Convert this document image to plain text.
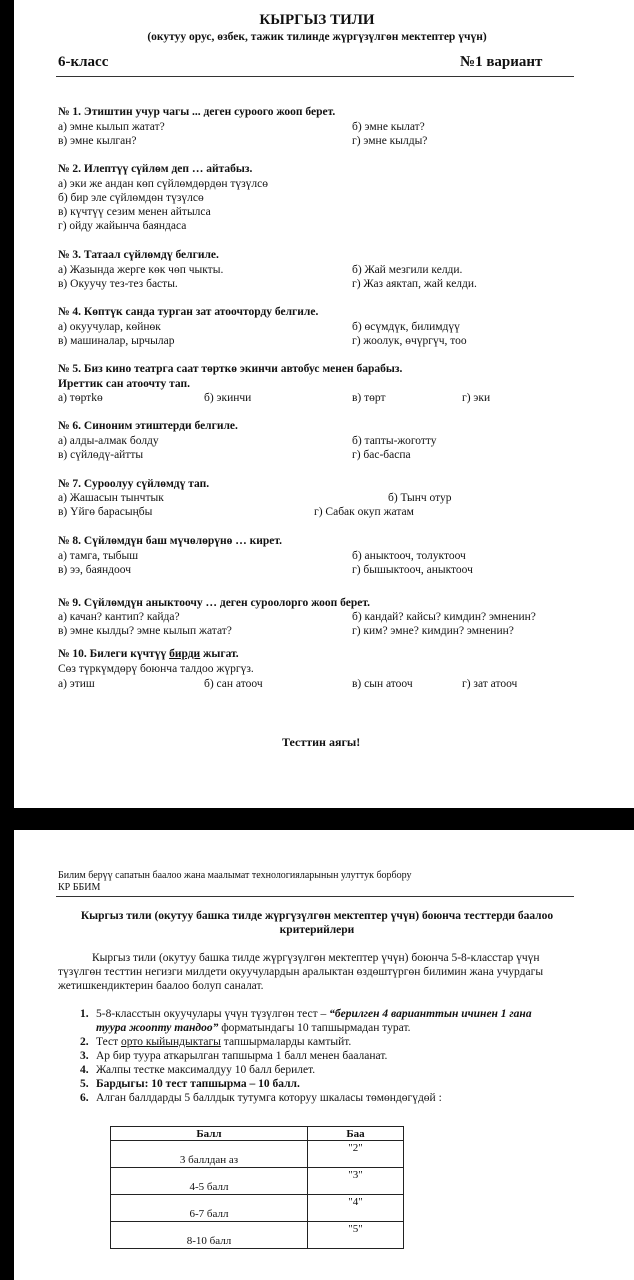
КЫРГЫЗ ТИЛИ
(окутуу орус, өзбек, тажик тилинде жүргүзүлгөн мектептер үчүн)
6-класс	№1 вариант
№ 1. Этиштин учур чагы ... деген суроого жооп берет.
а) эмне кылып жатат?	б) эмне кылат?
в) эмне кылган?	г) эмне кылды?
№ 2. Илептүү сүйлөм деп … айтабыз.
а) эки же андан көп сүйлөмдөрдөн түзүлсө
б) бир эле сүйлөмдөн түзүлсө
в) күчтүү сезим менен айтылса
г) ойду жайынча баяндаса
№ 3. Татаал сүйлөмдү белгиле.
а) Жазында жерге көк чөп чыкты.	б) Жай мезгили келди.
в) Окуучу тез-тез басты.	г) Жаз аяктап, жай келди.
№ 4. Көптүк санда турган зат атоочторду белгиле.
а) окуучулар, көйнөк	б) өсүмдүк, билимдүү
в) машиналар, ырчылар	г) жоолук, өчүргүч, тоо
№ 5. Биз кино театрга саат төрткө экинчи автобус менен барабыз.
Иреттик сан атоочту тап.
а) төртkө	б) экинчи	в) төрт	г) эки
№ 6. Синоним этиштерди белгиле.
а) алды-алмак болду	б) тапты-жоготту
в) сүйлөдү-айтты	г) бас-баспа
№ 7. Суроолуу сүйлөмдү тап.
а) Жашасын тынчтык	б) Тынч отур
в) Үйгө барасыңбы	г) Сабак окуп жатам
№ 8. Сүйлөмдүн баш мүчөлөрүнө … кирет.
а) тамга, тыбыш	б) аныктооч, толуктооч
в) ээ, баяндооч	г) бышыктооч, аныктооч
№ 9. Сүйлөмдүн аныктоочу … деген суроолорго жооп берет.
а) качан? кантип? кайда?	б) кандай? кайсы? кимдин? эмненин?
в) эмне кылды? эмне кылып жатат?	г) ким? эмне? кимдин? эмненин?
№ 10. Билеги күчтүү бирди жыгат.
Сөз түркүмдөрү боюнча талдоо жүргүз.
а) этиш	б) сан атооч	в) сын атооч	г) зат атооч
Тесттин аягы!
Билим берүү сапатын баалоо жана маалымат технологияларынын улуттук борбору
КР ББИМ
Кыргыз тили (окутуу башка тилде жүргүзүлгөн мектептер үчүн) боюнча тесттерди баалоо
критерийлери
Кыргыз тили (окутуу башка тилде жүргүзүлгөн мектептер үчүн) боюнча 5-8-класстар үчүн
түзүлгөн тесттин негизги милдети окуучулардын аралыктан өздөштүргөн билимин жана учурдагы
жетишкендиктерин баалоо болуп саналат.
1. 5-8-класстын окуучулары үчүн түзүлгөн тест – “берилген 4 варианттын ичинен 1 гана
туура жоопту тандоо” форматындагы 10 тапшырмадан турат.
2. Тест орто кыйындыктагы тапшырмаларды камтыйт.
3. Ар бир туура аткарылган тапшырма 1 балл менен бааланат.
4. Жалпы тестке максималдуу 10 балл берилет.
5. Бардыгы: 10 тест тапшырма – 10 балл.
6. Алган баллдарды 5 баллдык тутумга которуу шкаласы төмөндөгүдөй :
Балл	Баа

3 баллдан аз	"2"

4-5 балл	"3"

6-7 балл	"4"

8-10 балл	"5"
